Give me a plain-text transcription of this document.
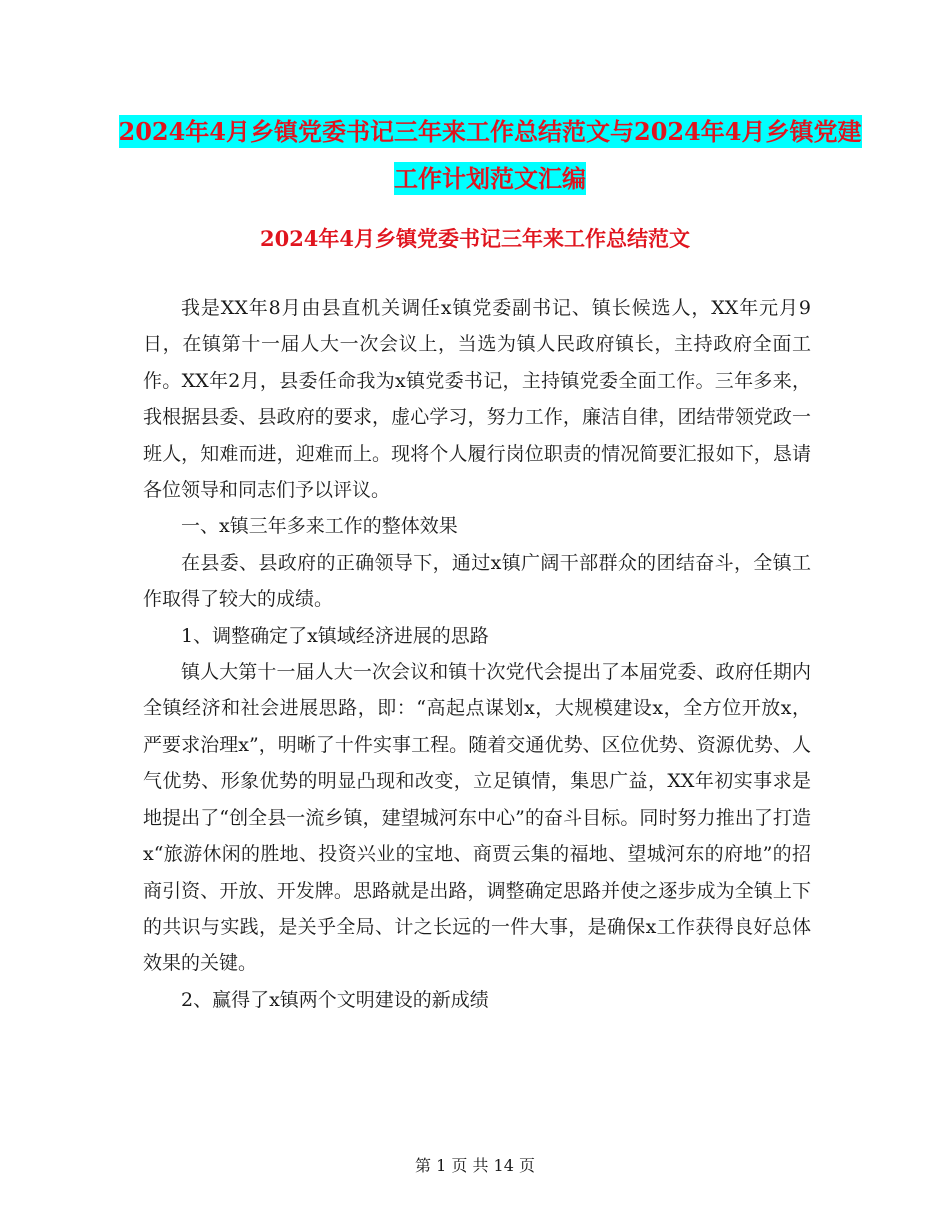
2024年4月乡镇党委书记三年来工作总结范文与2024年4月乡镇党建工作计划范文汇编
2024年4月乡镇党委书记三年来工作总结范文

我是XX年8月由县直机关调任x镇党委副书记、镇长候选人，XX年元月9日，在镇第十一届人大一次会议上，当选为镇人民政府镇长，主持政府全面工作。XX年2月，县委任命我为x镇党委书记，主持镇党委全面工作。三年多来，我根据县委、县政府的要求，虚心学习，努力工作，廉洁自律，团结带领党政一班人，知难而进，迎难而上。现将个人履行岗位职责的情况简要汇报如下，恳请各位领导和同志们予以评议。

一、x镇三年多来工作的整体效果

在县委、县政府的正确领导下，通过x镇广阔干部群众的团结奋斗，全镇工作取得了较大的成绩。

1、调整确定了x镇域经济进展的思路

镇人大第十一届人大一次会议和镇十次党代会提出了本届党委、政府任期内全镇经济和社会进展思路，即：“高起点谋划x，大规模建设x，全方位开放x，严要求治理x”，明晰了十件实事工程。随着交通优势、区位优势、资源优势、人气优势、形象优势的明显凸现和改变，立足镇情，集思广益，XX年初实事求是地提出了“创全县一流乡镇，建望城河东中心”的奋斗目标。同时努力推出了打造x“旅游休闲的胜地、投资兴业的宝地、商贾云集的福地、望城河东的府地”的招商引资、开放、开发牌。思路就是出路，调整确定思路并使之逐步成为全镇上下的共识与实践，是关乎全局、计之长远的一件大事，是确保x工作获得良好总体效果的关键。

2、赢得了x镇两个文明建设的新成绩

第 1 页 共 14 页
